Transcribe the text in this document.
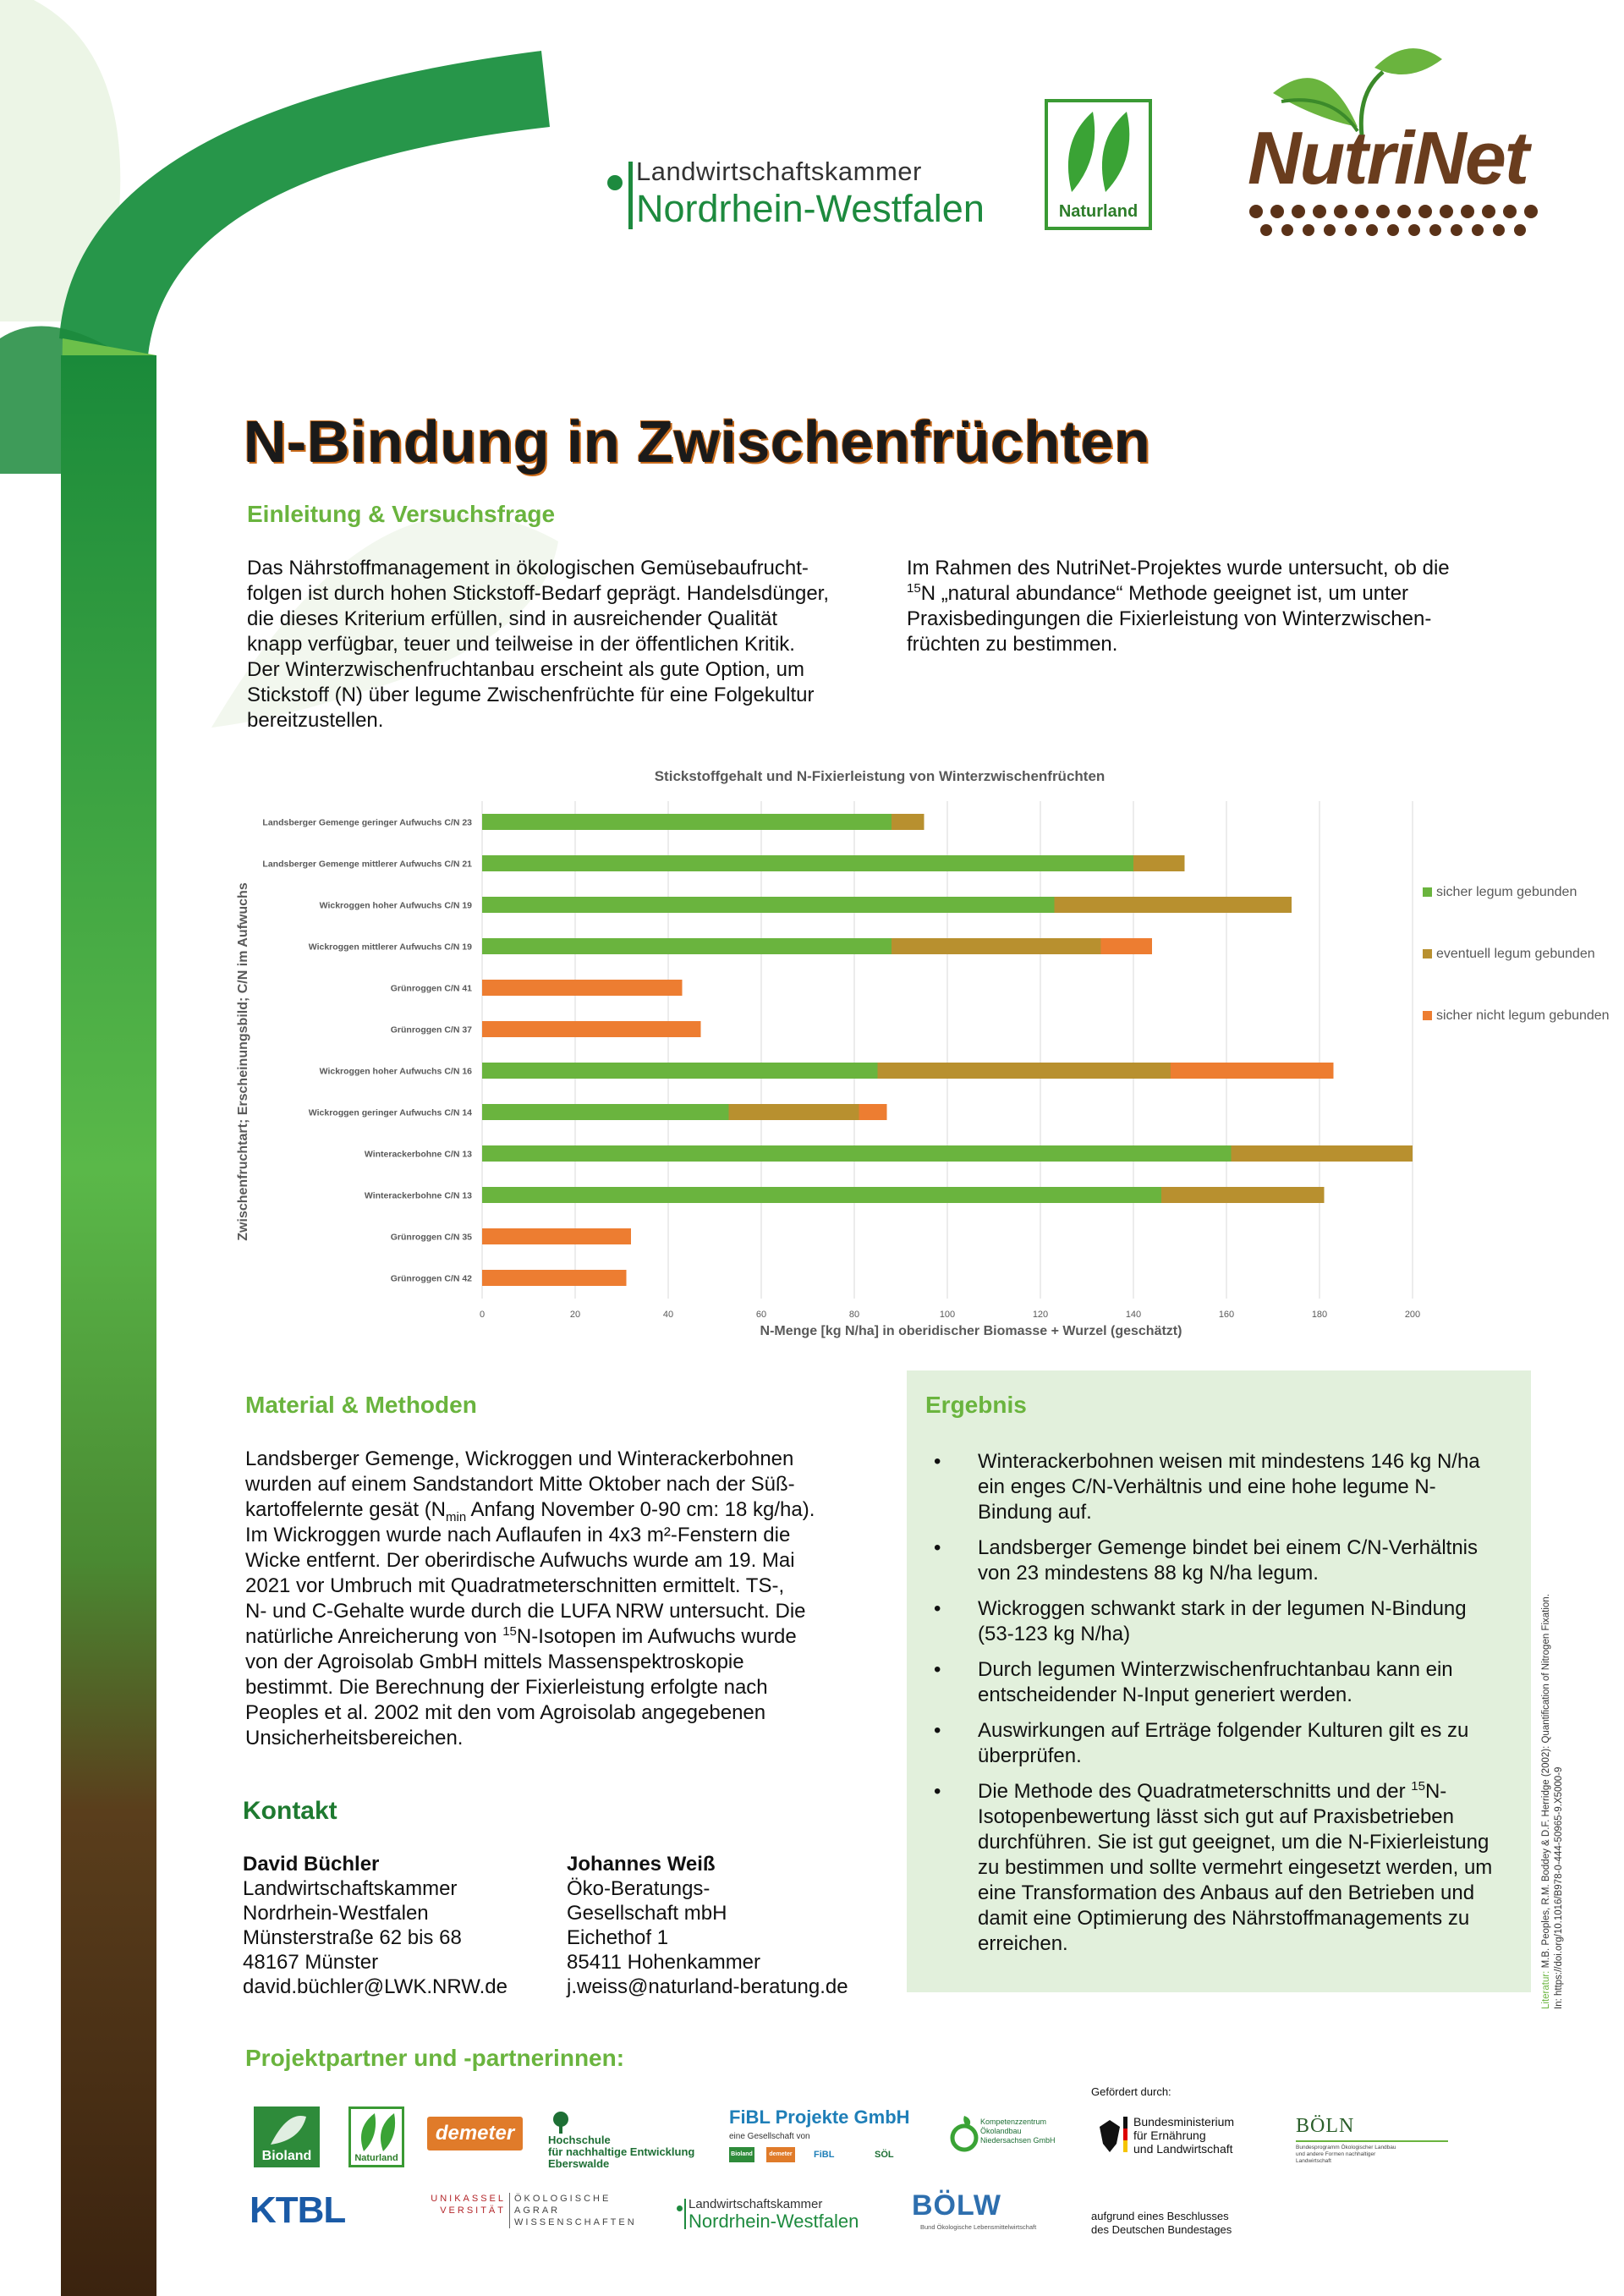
Landwirtschaftskammer
Nordrhein-Westfalen	Naturland
NutriNet
N-Bindung in Zwischenfrüchten
Einleitung & Versuchsfrage
Das Nährstoffmanagement in ökologischen Gemüsebaufrucht-
folgen ist durch hohen Stickstoff-Bedarf geprägt. Handelsdünger,
die dieses Kriterium erfüllen, sind in ausreichender Qualität
knapp verfügbar, teuer und teilweise in der öffentlichen Kritik.
Der Winterzwischenfruchtanbau erscheint als gute Option, um
Stickstoff (N) über legume Zwischenfrüchte für eine Folgekultur
bereitzustellen.
Im Rahmen des NutriNet-Projektes wurde untersucht, ob die
$^{15}$N „natural abundance“ Methode geeignet ist, um unter
Praxisbedingungen die Fixierleistung von Winterzwischen-
früchten zu bestimmen.
Stickstoffgehalt und N-Fixierleistung von Winterzwischenfrüchten
Landsberger Gemenge geringer Aufwuchs C/N 23
Landsberger Gemenge mittlerer Aufwuchs C/N 21
Wickroggen hoher Aufwuchs C/N 19
Wickroggen mittlerer Aufwuchs C/N 19
Grünroggen C/N 41
Grünroggen C/N 37
Wickroggen hoher Aufwuchs C/N 16
Wickroggen geringer Aufwuchs C/N 14
Winterackerbohne C/N 13
Winterackerbohne C/N 13
Grünroggen C/N 35
Grünroggen C/N 42
0	20	40	60	80	100	120	140	160	180	200
sicher legum gebunden
eventuell legum gebunden
sicher nicht legum gebunden
N-Menge [kg N/ha] in oberidischer Biomasse + Wurzel (geschätzt)
Zwischenfruchtart; Erscheinungsbild; C/N im Aufwuchs
Material & Methoden
Landsberger Gemenge, Wickroggen und Winterackerbohnen
wurden auf einem Sandstandort Mitte Oktober nach der Süß-
kartoffelernte gesät ($N_{min}$ Anfang November 0-90 cm: 18 kg/ha).
Im Wickroggen wurde nach Auflaufen in 4x3 m²-Fenstern die
Wicke entfernt. Der oberirdische Aufwuchs wurde am 19. Mai
2021 vor Umbruch mit Quadratmeterschnitten ermittelt. TS-,
N- und C-Gehalte wurde durch die LUFA NRW untersucht. Die
natürliche Anreicherung von $^{15}$N-Isotopen im Aufwuchs wurde
von der Agroisolab GmbH mittels Massenspektroskopie
bestimmt. Die Berechnung der Fixierleistung erfolgte nach
Peoples et al. 2002 mit den vom Agroisolab angegebenen
Unsicherheitsbereichen.
Ergebnis
• Winterackerbohnen weisen mit mindestens 146 kg N/ha ein enges C/N-Verhältnis und eine hohe legume N-Bindung auf.
• Landsberger Gemenge bindet bei einem C/N-Verhältnis von 23 mindestens 88 kg N/ha legum.
• Wickroggen schwankt stark in der legumen N-Bindung (53-123 kg N/ha)
• Durch legumen Winterzwischenfruchtanbau kann ein entscheidender N-Input generiert werden.
• Auswirkungen auf Erträge folgender Kulturen gilt es zu überprüfen.
• Die Methode des Quadratmeterschnitts und der $^{15}$N-Isotopenbewertung lässt sich gut auf Praxisbetrieben durchführen. Sie ist gut geeignet, um die N-Fixierleistung zu bestimmen und sollte vermehrt eingesetzt werden, um eine Transformation des Anbaus auf den Betrieben und damit eine Optimierung des Nährstoffmanagements zu erreichen.
Kontakt
David Büchler
Landwirtschaftskammer
Nordrhein-Westfalen
Münsterstraße 62 bis 68
48167 Münster
david.büchler@LWK.NRW.de
Johannes Weiß
Öko-Beratungs-
Gesellschaft mbH
Eichethof 1
85411 Hohenkammer
j.weiss@naturland-beratung.de	Literatur: M.B. Peoples, R.M. Boddey & D.F. Herridge (2002): Quantification of Nitrogen Fixation. In: https://doi.org/10.1016/B978-0-444-50965-9.X5000-9
Projektpartner und -partnerinnen:
Bioland	Naturland
demeter	Hochschule
für nachhaltige Entwicklung
Eberswalde
FiBL Projekte GmbH
eine Gesellschaft von
Bioland	demeter	FiBL	SÖL
Kompetenzzentrum
Ökolandbau
Niedersachsen GmbH
Gefördert durch:
Bundesministerium
für Ernährung
und Landwirtschaft
BÖLN
Bundesprogramm Ökologischer Landbau
und andere Formen nachhaltiger
Landwirtschaft
KTBL	UNIKASSEL
VERSITÄT
ÖKOLOGISCHE
AGRAR
WISSENSCHAFTEN
Landwirtschaftskammer
Nordrhein-Westfalen BÖLW
Bund Ökologische Lebensmittelwirtschaft
aufgrund eines Beschlusses
des Deutschen Bundestages
